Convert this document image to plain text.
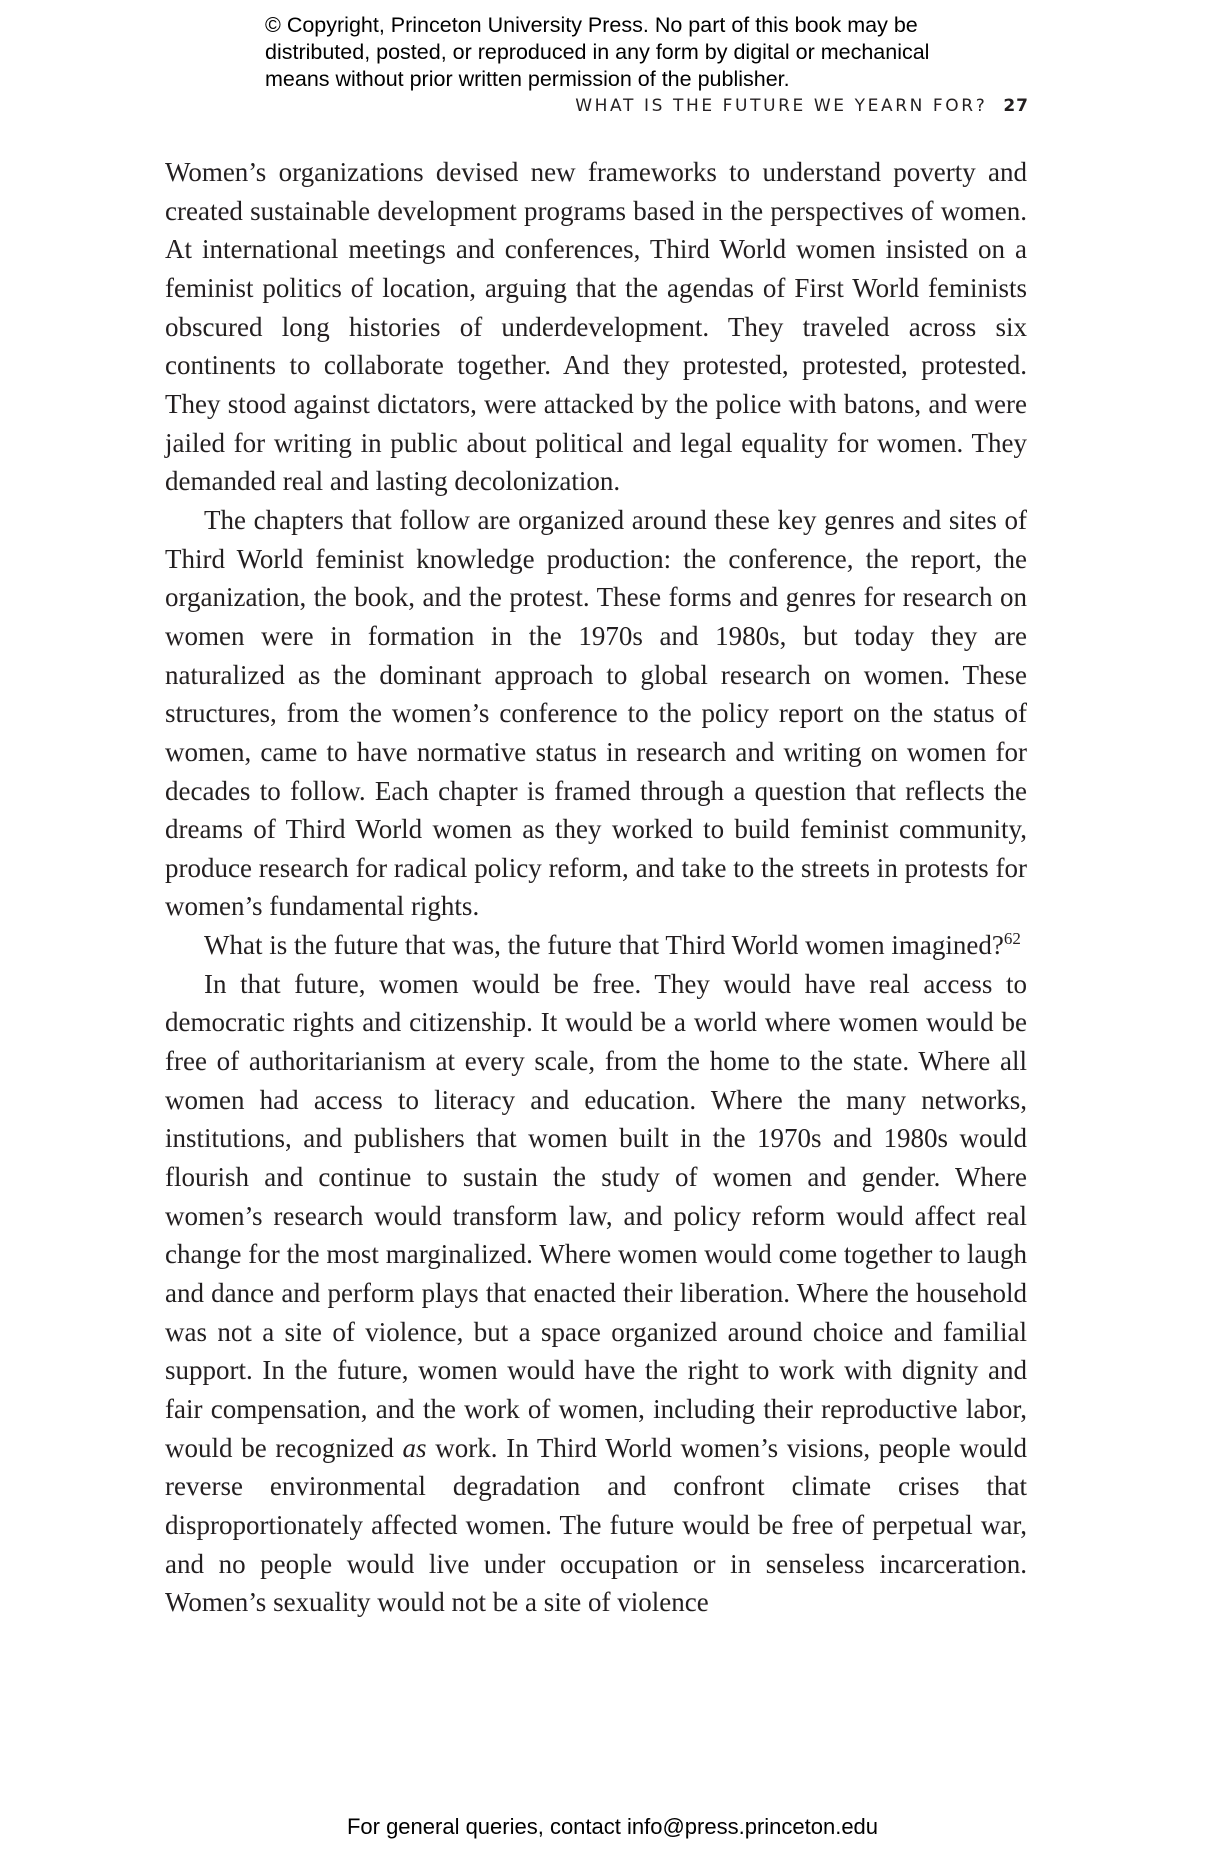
© Copyright, Princeton University Press. No part of this book may be
distributed, posted, or reproduced in any form by digital or mechanical
means without prior written permission of the publisher.
WHAT IS THE FUTURE WE YEARN FOR? 27

Women’s organizations devised new frameworks to understand poverty and created sustainable development programs based in the perspectives of women. At international meetings and conferences, Third World women insisted on a feminist politics of location, arguing that the agendas of First World feminists obscured long histories of underdevelopment. They traveled across six continents to collaborate together. And they protested, protested, protested. They stood against dictators, were attacked by the police with batons, and were jailed for writing in public about political and legal equality for women. They demanded real and lasting decolonization.

The chapters that follow are organized around these key genres and sites of Third World feminist knowledge production: the conference, the report, the organization, the book, and the protest. These forms and genres for research on women were in formation in the 1970s and 1980s, but today they are naturalized as the dominant approach to global research on women. These structures, from the women’s conference to the policy report on the status of women, came to have normative status in research and writing on women for decades to follow. Each chapter is framed through a question that reflects the dreams of Third World women as they worked to build feminist community, produce research for radical policy reform, and take to the streets in protests for women’s fundamental rights.

What is the future that was, the future that Third World women imagined?$^{62}$

In that future, women would be free. They would have real access to democratic rights and citizenship. It would be a world where women would be free of authoritarianism at every scale, from the home to the state. Where all women had access to literacy and education. Where the many networks, institutions, and publishers that women built in the 1970s and 1980s would flourish and continue to sustain the study of women and gender. Where women’s research would transform law, and policy reform would affect real change for the most marginalized. Where women would come together to laugh and dance and perform plays that enacted their liberation. Where the household was not a site of violence, but a space organized around choice and familial support. In the future, women would have the right to work with dignity and fair compensation, and the work of women, including their reproductive labor, would be recognized as work. In Third World women’s visions, people would reverse environmental degradation and confront climate crises that disproportionately affected women. The future would be free of perpetual war, and no people would live under occupation or in senseless incarceration. Women’s sexuality would not be a site of violence

For general queries, contact info@press.princeton.edu
